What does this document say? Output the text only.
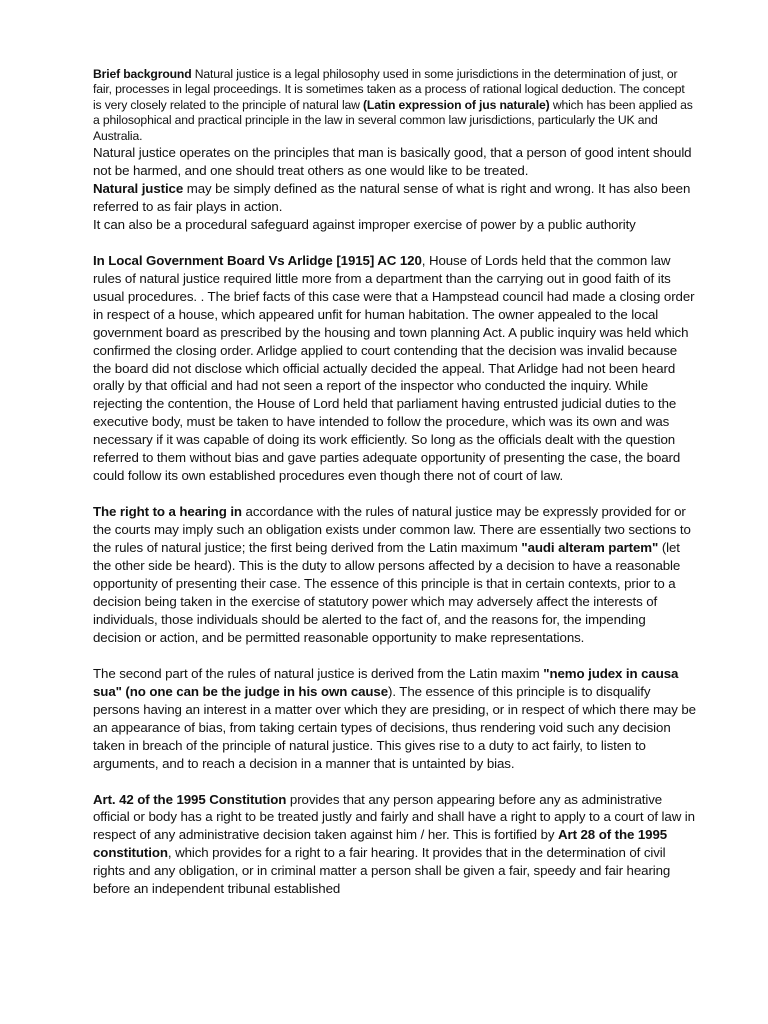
Brief background Natural justice is a legal philosophy used in some jurisdictions in the determination of just, or fair, processes in legal proceedings. It is sometimes taken as a process of rational logical deduction. The concept is very closely related to the principle of natural law (Latin expression of jus naturale) which has been applied as a philosophical and practical principle in the law in several common law jurisdictions, particularly the UK and Australia.

Natural justice operates on the principles that man is basically good, that a person of good intent should not be harmed, and one should treat others as one would like to be treated.

Natural justice may be simply defined as the natural sense of what is right and wrong. It has also been referred to as fair plays in action.

It can also be a procedural safeguard against improper exercise of power by a public authority

In Local Government Board Vs Arlidge [1915] AC 120, House of Lords held that the common law rules of natural justice required little more from a department than the carrying out in good faith of its usual procedures. . The brief facts of this case were that a Hampstead council had made a closing order in respect of a house, which appeared unfit for human habitation. The owner appealed to the local government board as prescribed by the housing and town planning Act. A public inquiry was held which confirmed the closing order. Arlidge applied to court contending that the decision was invalid because the board did not disclose which official actually decided the appeal. That Arlidge had not been heard orally by that official and had not seen a report of the inspector who conducted the inquiry. While rejecting the contention, the House of Lord held that parliament having entrusted judicial duties to the executive body, must be taken to have intended to follow the procedure, which was its own and was necessary if it was capable of doing its work efficiently. So long as the officials dealt with the question referred to them without bias and gave parties adequate opportunity of presenting the case, the board could follow its own established procedures even though there not of court of law.

The right to a hearing in accordance with the rules of natural justice may be expressly provided for or the courts may imply such an obligation exists under common law. There are essentially two sections to the rules of natural justice; the first being derived from the Latin maximum "audi alteram partem" (let the other side be heard). This is the duty to allow persons affected by a decision to have a reasonable opportunity of presenting their case. The essence of this principle is that in certain contexts, prior to a decision being taken in the exercise of statutory power which may adversely affect the interests of individuals, those individuals should be alerted to the fact of, and the reasons for, the impending decision or action, and be permitted reasonable opportunity to make representations.

The second part of the rules of natural justice is derived from the Latin maxim "nemo judex in causa sua" (no one can be the judge in his own cause). The essence of this principle is to disqualify persons having an interest in a matter over which they are presiding, or in respect of which there may be an appearance of bias, from taking certain types of decisions, thus rendering void such any decision taken in breach of the principle of natural justice. This gives rise to a duty to act fairly, to listen to arguments, and to reach a decision in a manner that is untainted by bias.

Art. 42 of the 1995 Constitution provides that any person appearing before any as administrative official or body has a right to be treated justly and fairly and shall have a right to apply to a court of law in respect of any administrative decision taken against him / her. This is fortified by Art 28 of the 1995 constitution, which provides for a right to a fair hearing. It provides that in the determination of civil rights and any obligation, or in criminal matter a person shall be given a fair, speedy and fair hearing before an independent tribunal established
